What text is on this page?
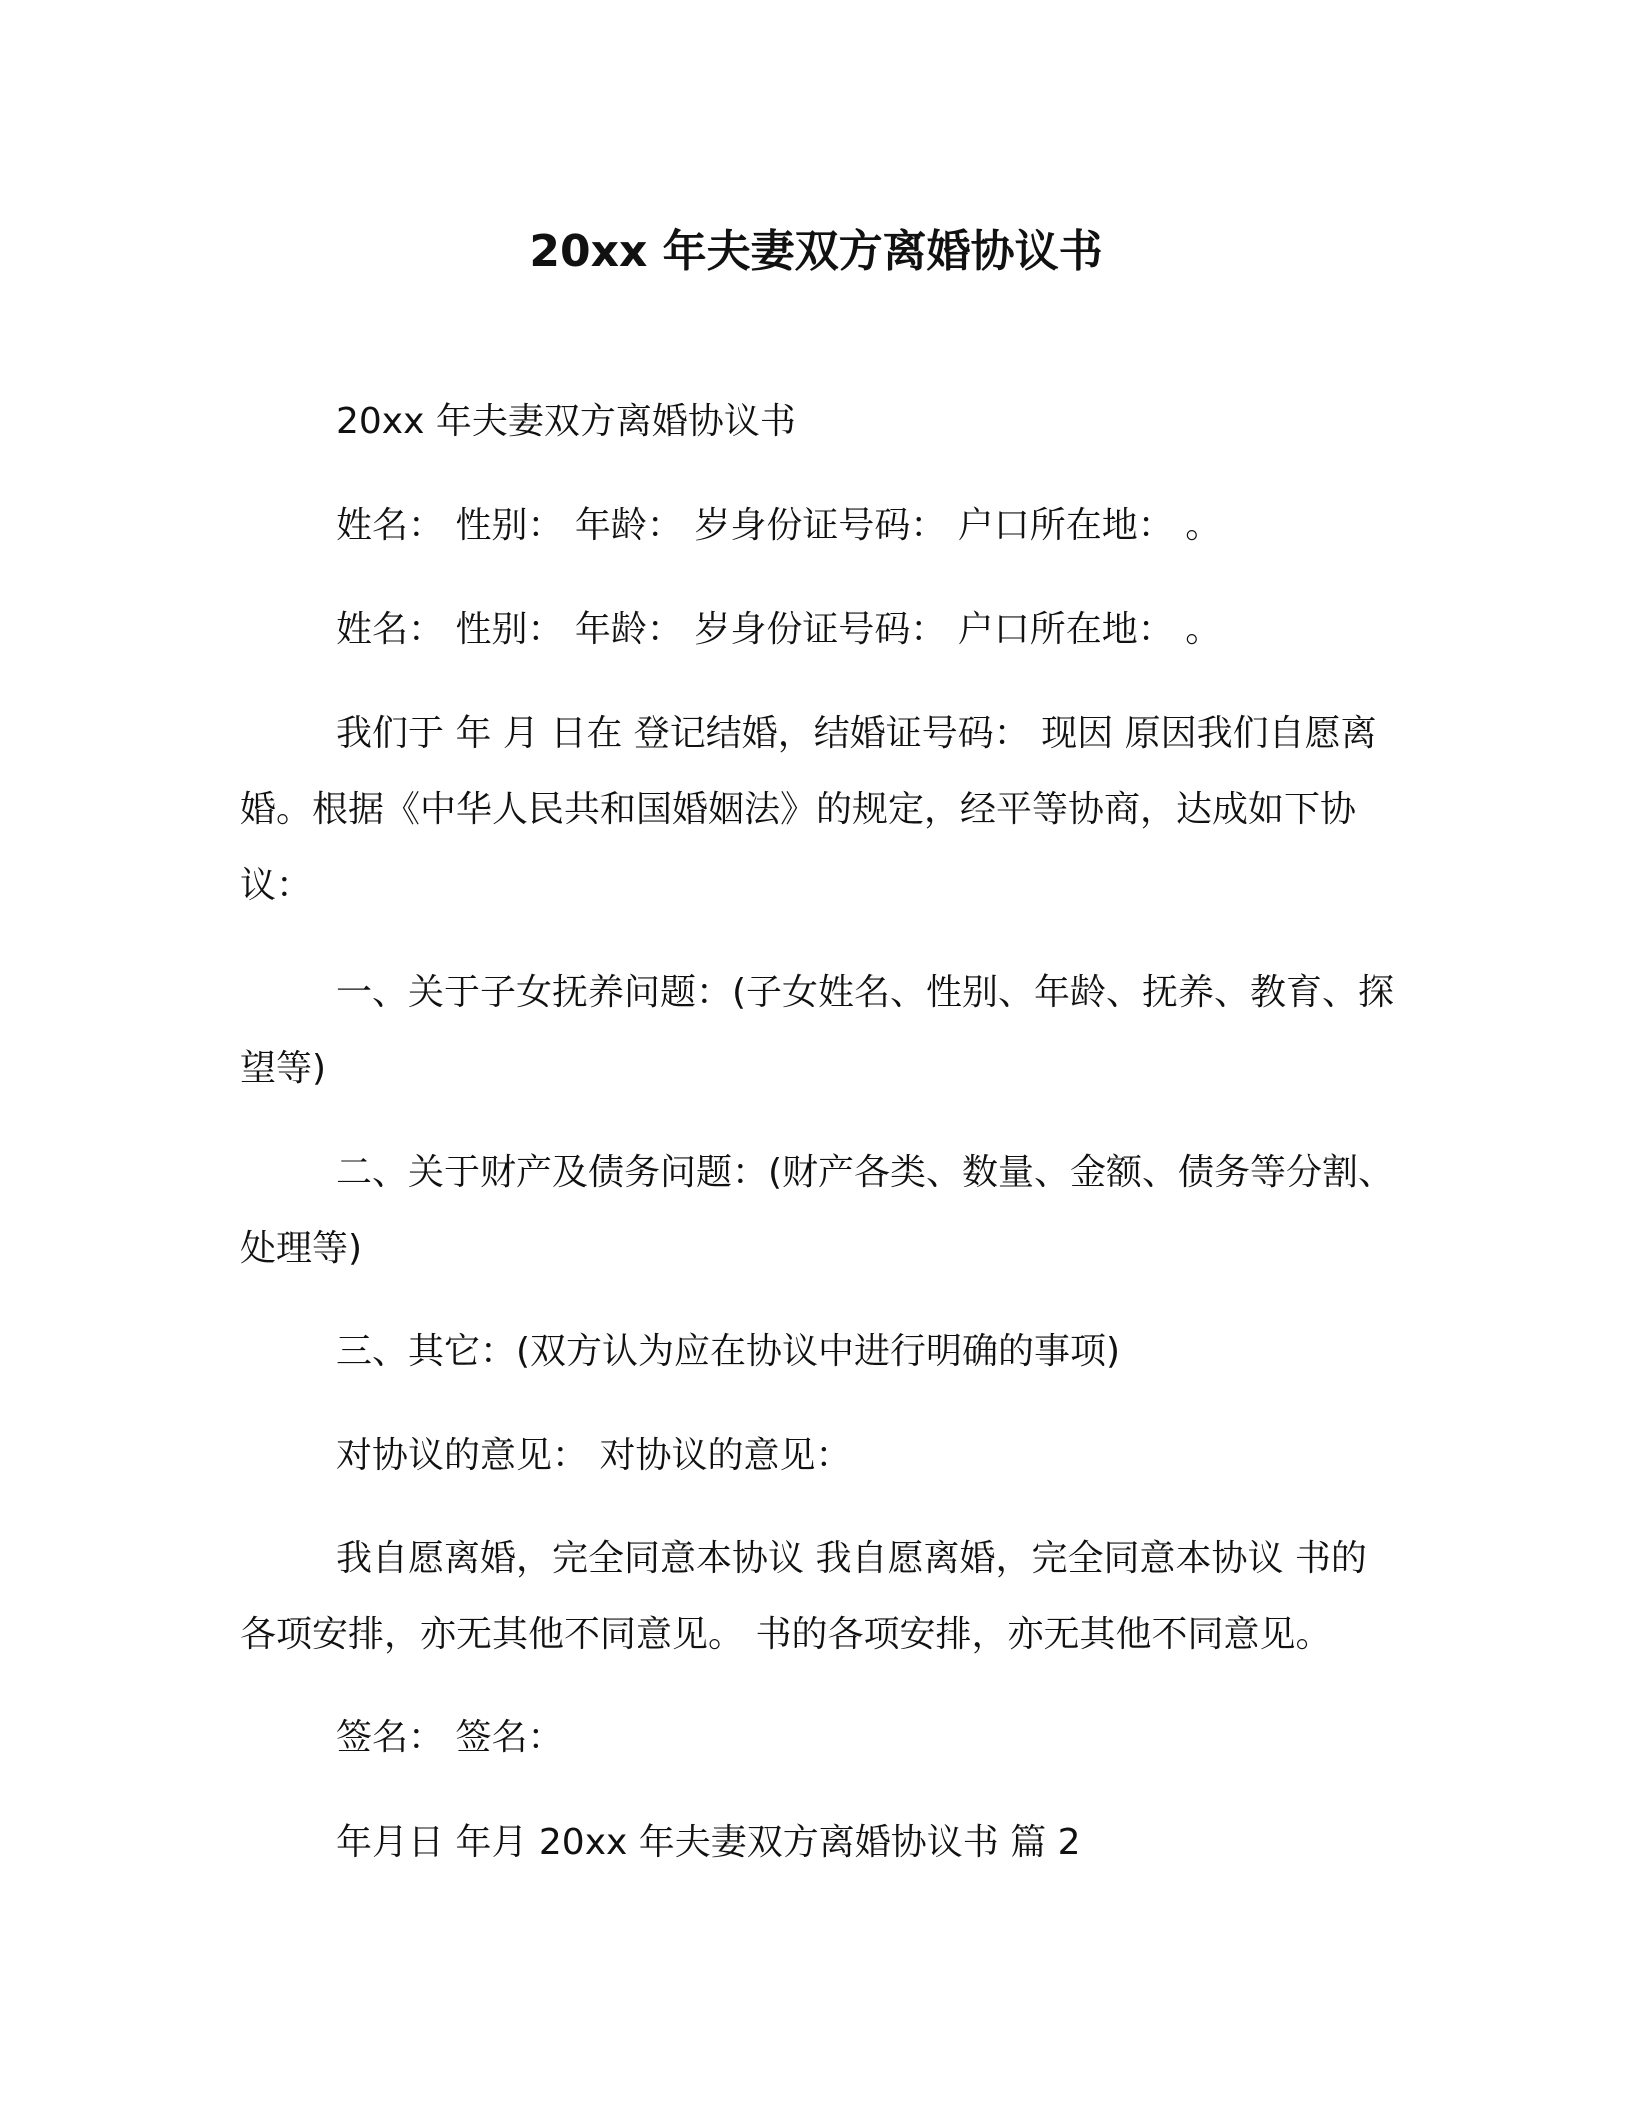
20xx 年夫妻双方离婚协议书

20xx 年夫妻双方离婚协议书

姓名： 性别： 年龄： 岁身份证号码： 户口所在地： 。

姓名： 性别： 年龄： 岁身份证号码： 户口所在地： 。

我们于 年 月 日在 登记结婚，结婚证号码： 现因 原因我们自愿离婚。根据《中华人民共和国婚姻法》的规定，经平等协商，达成如下协议：

一、关于子女抚养问题：(子女姓名、性别、年龄、抚养、教育、探望等)

二、关于财产及债务问题：(财产各类、数量、金额、债务等分割、处理等)

三、其它：(双方认为应在协议中进行明确的事项)

对协议的意见： 对协议的意见：

我自愿离婚，完全同意本协议 我自愿离婚，完全同意本协议 书的各项安排，亦无其他不同意见。 书的各项安排，亦无其他不同意见。

签名： 签名：

年月日 年月 20xx 年夫妻双方离婚协议书 篇 2
